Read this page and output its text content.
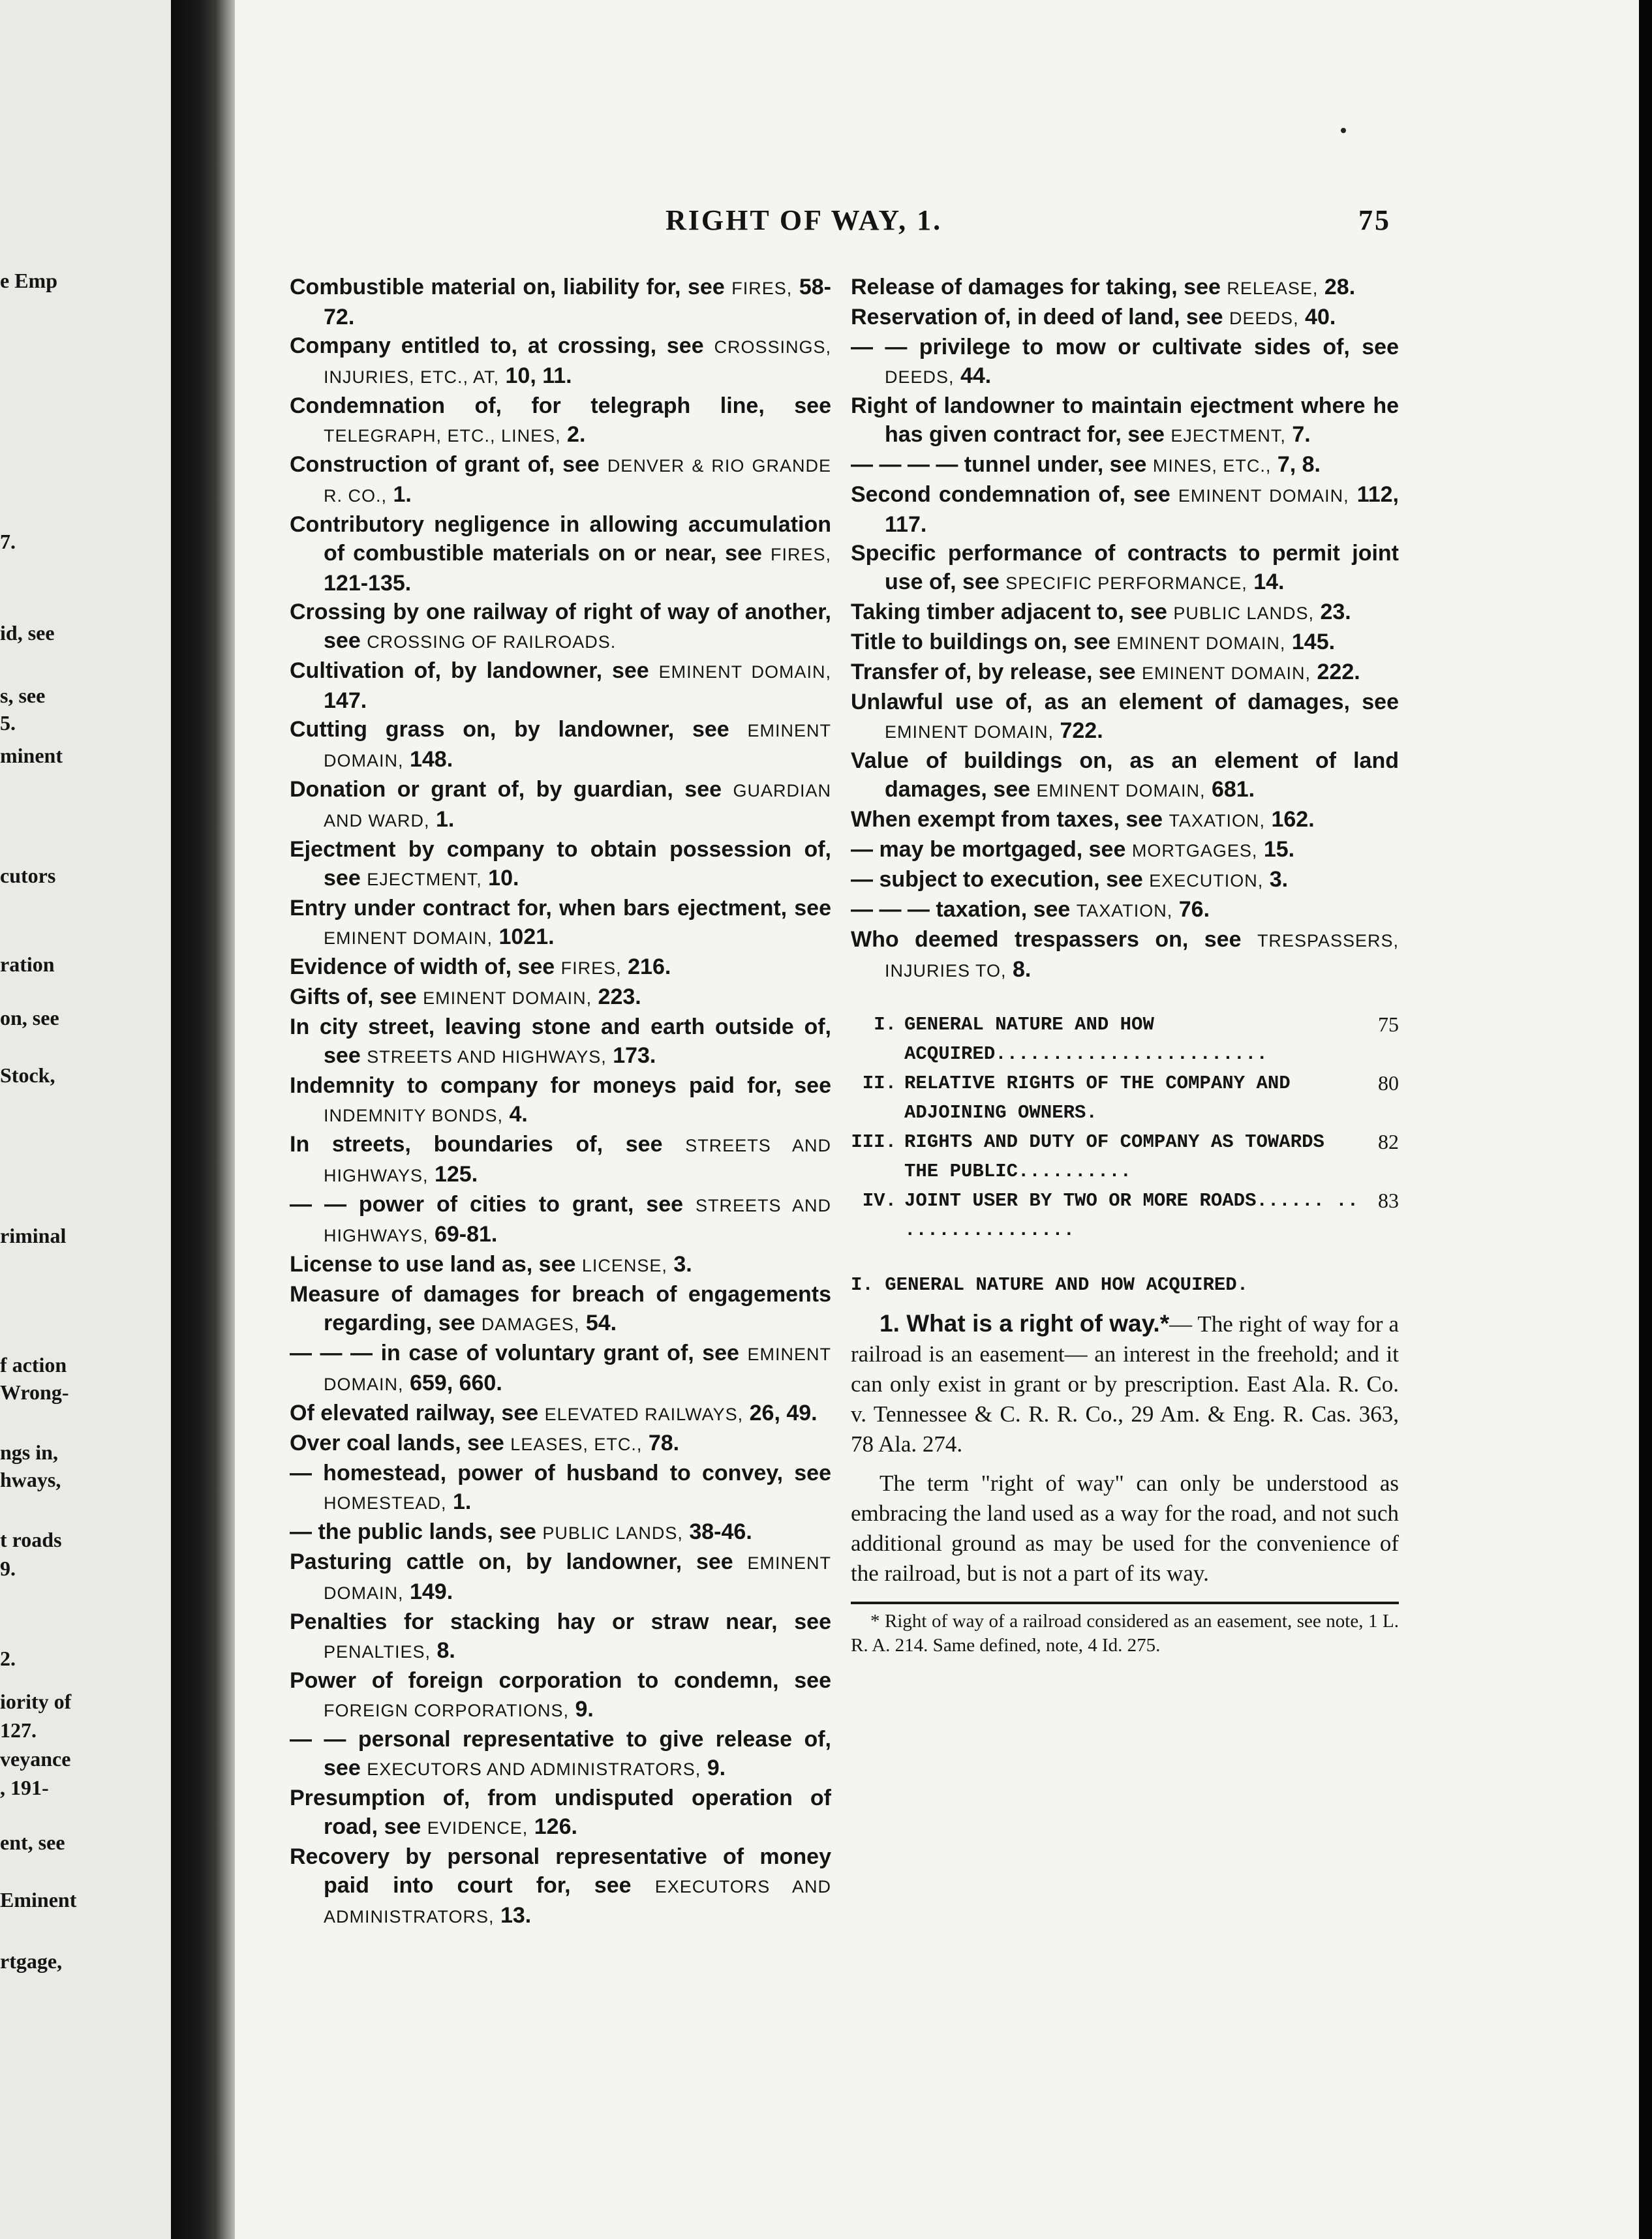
e Emp
7.
id, see
s, see
5.
minent
cutors
ration
on, see
Stock,
riminal
f action
Wrong-
ngs in,
hways,
t roads
9.
2.
iority of
127.
veyance
, 191-
ent, see
Eminent
rtgage,
RIGHT OF WAY, 1.	75

Combustible material on, liability for, see FIRES, 58-72.

Company entitled to, at crossing, see CROSSINGS, INJURIES, ETC., AT, 10, 11.

Condemnation of, for telegraph line, see TELEGRAPH, ETC., LINES, 2.

Construction of grant of, see DENVER & RIO GRANDE R. CO., 1.

Contributory negligence in allowing accumulation of combustible materials on or near, see FIRES, 121-135.

Crossing by one railway of right of way of another, see CROSSING OF RAILROADS.

Cultivation of, by landowner, see EMINENT DOMAIN, 147.

Cutting grass on, by landowner, see EMINENT DOMAIN, 148.

Donation or grant of, by guardian, see GUARDIAN AND WARD, 1.

Ejectment by company to obtain possession of, see EJECTMENT, 10.

Entry under contract for, when bars ejectment, see EMINENT DOMAIN, 1021.

Evidence of width of, see FIRES, 216.

Gifts of, see EMINENT DOMAIN, 223.

In city street, leaving stone and earth outside of, see STREETS AND HIGHWAYS, 173.

Indemnity to company for moneys paid for, see INDEMNITY BONDS, 4.

In streets, boundaries of, see STREETS AND HIGHWAYS, 125.

— — power of cities to grant, see STREETS AND HIGHWAYS, 69-81.

License to use land as, see LICENSE, 3.

Measure of damages for breach of engagements regarding, see DAMAGES, 54.

— — — in case of voluntary grant of, see EMINENT DOMAIN, 659, 660.

Of elevated railway, see ELEVATED RAILWAYS, 26, 49.

Over coal lands, see LEASES, ETC., 78.

— homestead, power of husband to convey, see HOMESTEAD, 1.

— the public lands, see PUBLIC LANDS, 38-46.

Pasturing cattle on, by landowner, see EMINENT DOMAIN, 149.

Penalties for stacking hay or straw near, see PENALTIES, 8.

Power of foreign corporation to condemn, see FOREIGN CORPORATIONS, 9.

— — personal representative to give release of, see EXECUTORS AND ADMINISTRATORS, 9.

Presumption of, from undisputed operation of road, see EVIDENCE, 126.

Recovery by personal representative of money paid into court for, see EXECUTORS AND ADMINISTRATORS, 13.

Release of damages for taking, see RELEASE, 28.

Reservation of, in deed of land, see DEEDS, 40.

— — privilege to mow or cultivate sides of, see DEEDS, 44.

Right of landowner to maintain ejectment where he has given contract for, see EJECTMENT, 7.

— — — — tunnel under, see MINES, ETC., 7, 8.

Second condemnation of, see EMINENT DOMAIN, 112, 117.

Specific performance of contracts to permit joint use of, see SPECIFIC PERFORMANCE, 14.

Taking timber adjacent to, see PUBLIC LANDS, 23.

Title to buildings on, see EMINENT DOMAIN, 145.

Transfer of, by release, see EMINENT DOMAIN, 222.

Unlawful use of, as an element of damages, see EMINENT DOMAIN, 722.

Value of buildings on, as an element of land damages, see EMINENT DOMAIN, 681.

When exempt from taxes, see TAXATION, 162.

— may be mortgaged, see MORTGAGES, 15.

— subject to execution, see EXECUTION, 3.

— — — taxation, see TAXATION, 76.

Who deemed trespassers on, see TRESPASSERS, INJURIES TO, 8.

I. GENERAL NATURE AND HOW ACQUIRED........................
75
II. RELATIVE RIGHTS OF THE COMPANY AND ADJOINING OWNERS.
80
III. RIGHTS AND DUTY OF COMPANY AS TOWARDS THE PUBLIC..........
82
IV. JOINT USER BY TWO OR MORE ROADS...... .. ...............
83
I. GENERAL NATURE AND HOW ACQUIRED.

1. What is a right of way.*— The right of way for a railroad is an easement— an interest in the freehold; and it can only exist in grant or by prescription. East Ala. R. Co. v. Tennessee & C. R. R. Co., 29 Am. & Eng. R. Cas. 363, 78 Ala. 274.

The term "right of way" can only be understood as embracing the land used as a way for the road, and not such additional ground as may be used for the convenience of the railroad, but is not a part of its way.

* Right of way of a railroad considered as an easement, see note, 1 L. R. A. 214. Same defined, note, 4 Id. 275.
